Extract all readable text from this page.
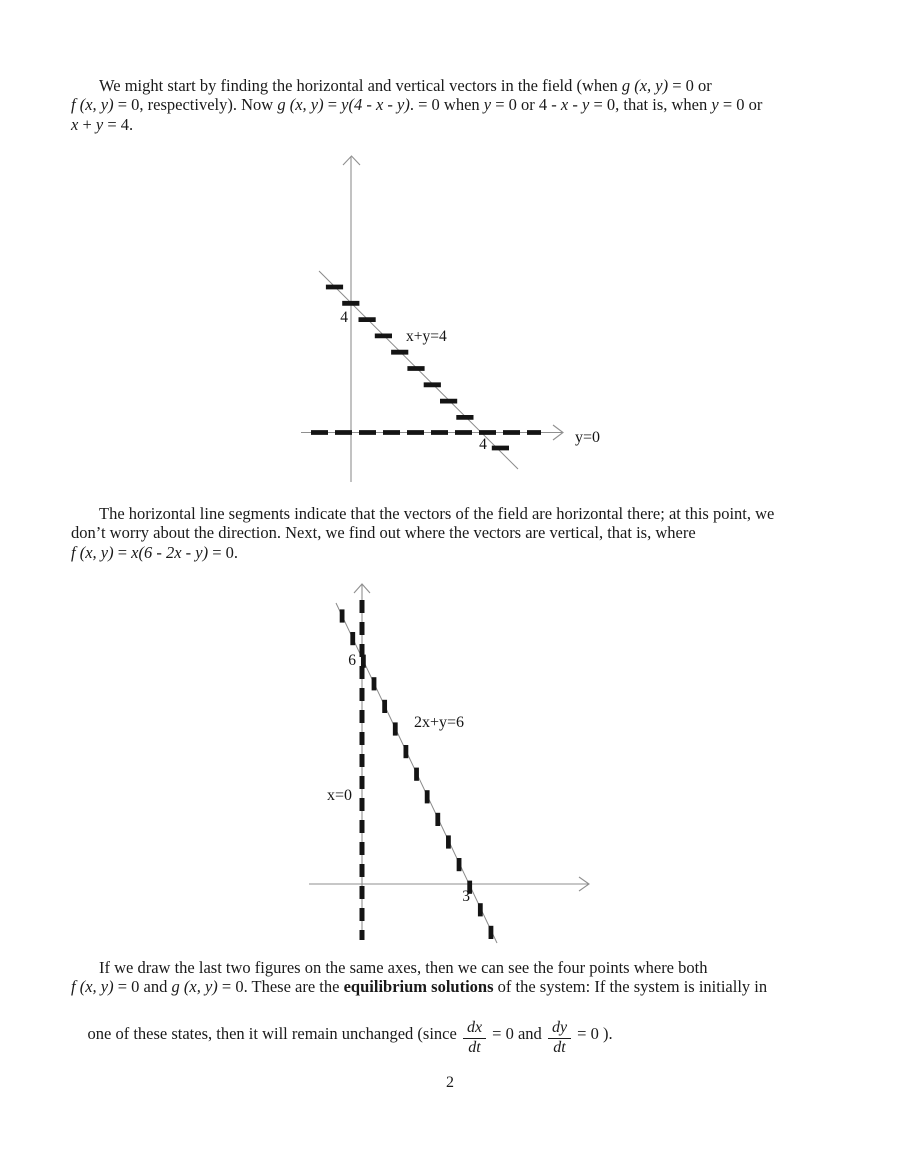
We might start by finding the horizontal and vertical vectors in the field (when g (x, y) = 0 or
f (x, y) = 0, respectively). Now g (x, y) = y(4 - x - y). = 0 when y = 0 or 4 - x - y = 0, that is, when y = 0 or
x + y = 4.
4
x+y=4
4	y=0
The horizontal line segments indicate that the vectors of the field are horizontal there; at this point, we
don’t worry about the direction. Next, we find out where the vectors are vertical, that is, where
f (x, y) = x(6 - 2x - y) = 0.
6
2x+y=6
x=0
3
If we draw the last two figures on the same axes, then we can see the four points where both
f (x, y) = 0 and g (x, y) = 0. These are the equilibrium solutions of the system: If the system is initially in

one of these states, then it will remain unchanged (since $\frac{dx}{dt} = 0$ and $\frac{dy}{dt} = 0$ ).

2
